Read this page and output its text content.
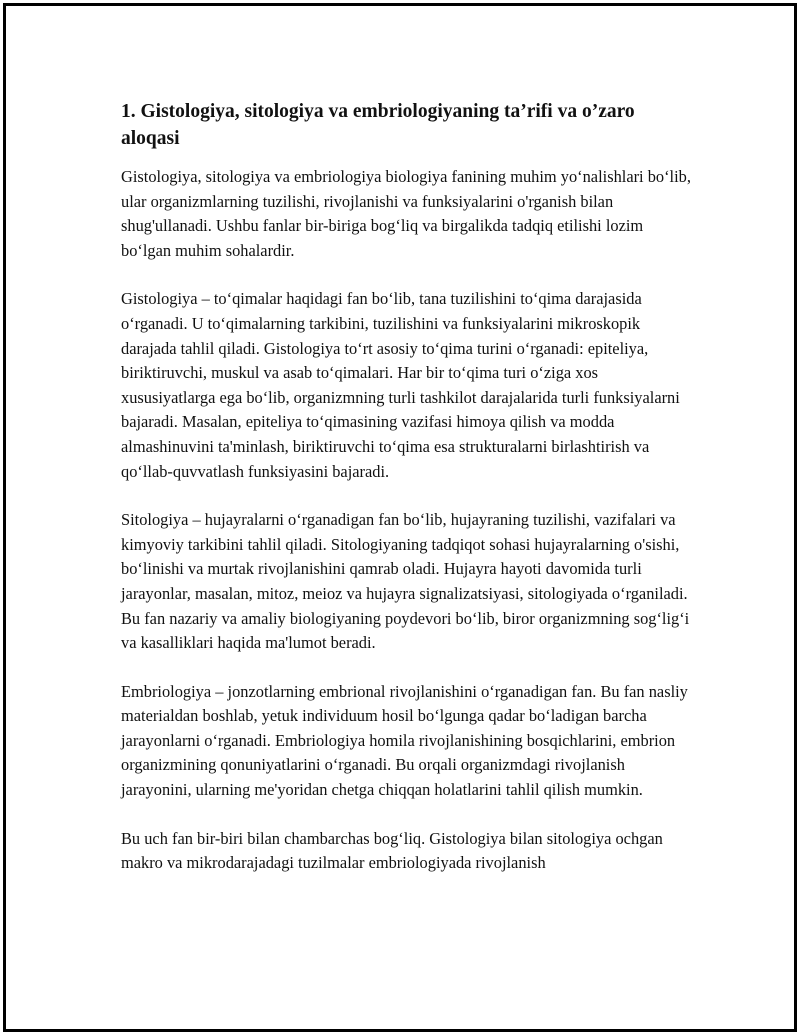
1. Gistologiya, sitologiya va embriologiyaning ta’rifi va o’zaro aloqasi

Gistologiya, sitologiya va embriologiya biologiya fanining muhim yo‘nalishlari bo‘lib, ular organizmlarning tuzilishi, rivojlanishi va funksiyalarini o'rganish bilan shug'ullanadi. Ushbu fanlar bir-biriga bog‘liq va birgalikda tadqiq etilishi lozim bo‘lgan muhim sohalardir.

Gistologiya – to‘qimalar haqidagi fan bo‘lib, tana tuzilishini to‘qima darajasida o‘rganadi. U to‘qimalarning tarkibini, tuzilishini va funksiyalarini mikroskopik darajada tahlil qiladi. Gistologiya to‘rt asosiy to‘qima turini o‘rganadi: epiteliya, biriktiruvchi, muskul va asab to‘qimalari. Har bir to‘qima turi o‘ziga xos xususiyatlarga ega bo‘lib, organizmning turli tashkilot darajalarida turli funksiyalarni bajaradi. Masalan, epiteliya to‘qimasining vazifasi himoya qilish va modda almashinuvini ta'minlash, biriktiruvchi to‘qima esa strukturalarni birlashtirish va qo‘llab-quvvatlash funksiyasini bajaradi.

Sitologiya – hujayralarni o‘rganadigan fan bo‘lib, hujayraning tuzilishi, vazifalari va kimyoviy tarkibini tahlil qiladi. Sitologiyaning tadqiqot sohasi hujayralarning o'sishi, bo‘linishi va murtak rivojlanishini qamrab oladi. Hujayra hayoti davomida turli jarayonlar, masalan, mitoz, meioz va hujayra signalizatsiyasi, sitologiyada o‘rganiladi. Bu fan nazariy va amaliy biologiyaning poydevori bo‘lib, biror organizmning sog‘lig‘i va kasalliklari haqida ma'lumot beradi.

Embriologiya – jonzotlarning embrional rivojlanishini o‘rganadigan fan. Bu fan nasliy materialdan boshlab, yetuk individuum hosil bo‘lgunga qadar bo‘ladigan barcha jarayonlarni o‘rganadi. Embriologiya homila rivojlanishining bosqichlarini, embrion organizmining qonuniyatlarini o‘rganadi. Bu orqali organizmdagi rivojlanish jarayonini, ularning me'yoridan chetga chiqqan holatlarini tahlil qilish mumkin.

Bu uch fan bir-biri bilan chambarchas bog‘liq. Gistologiya bilan sitologiya ochgan makro va mikrodarajadagi tuzilmalar embriologiyada rivojlanish
